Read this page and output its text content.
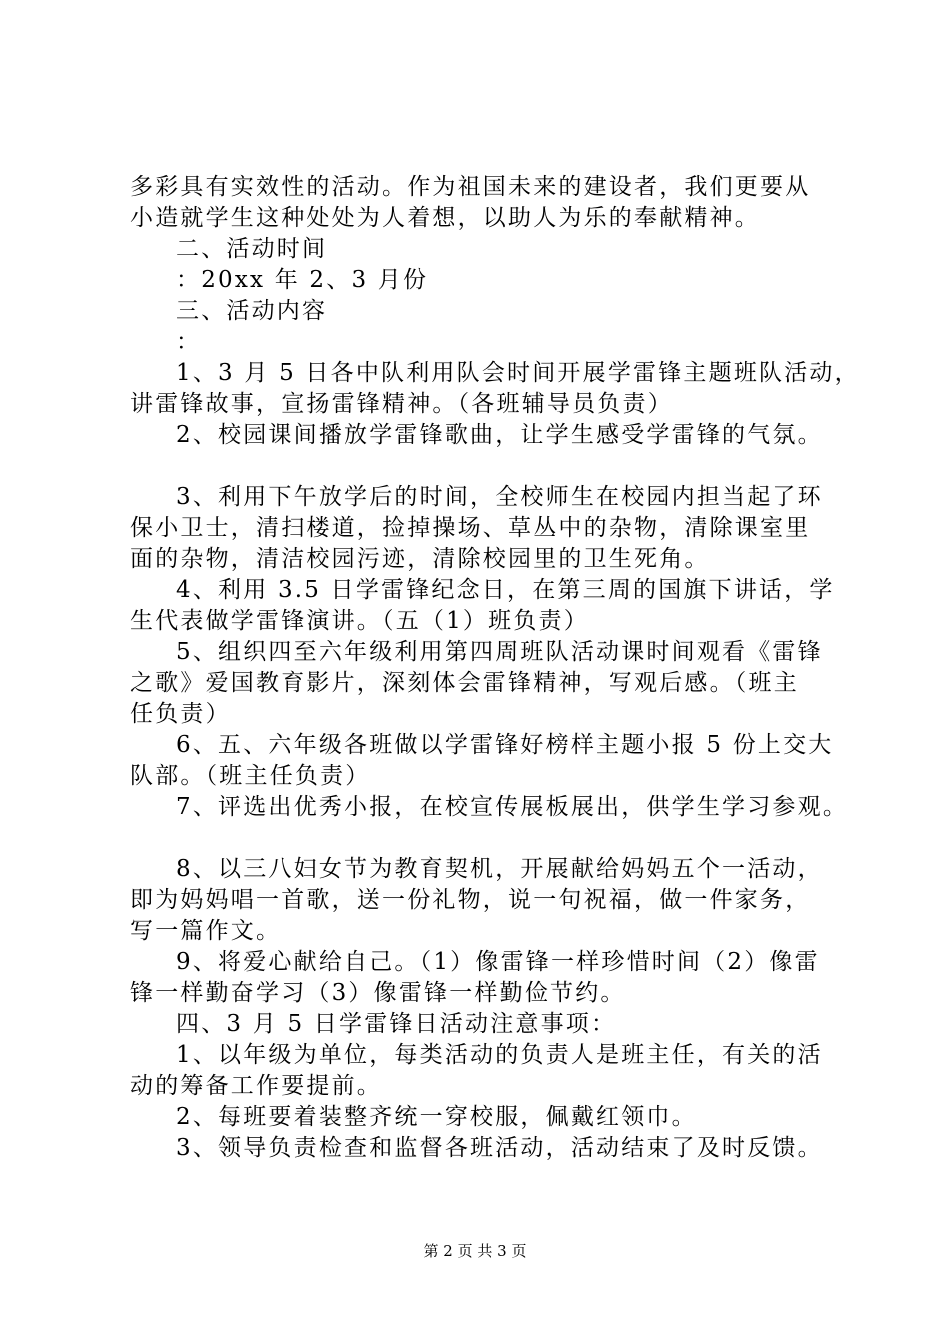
多彩具有实效性的活动。作为祖国未来的建设者，我们更要从
小造就学生这种处处为人着想，以助人为乐的奉献精神。
二、活动时间
：20xx 年 2、3 月份
三、活动内容
：
1、3 月 5 日各中队利用队会时间开展学雷锋主题班队活动，
讲雷锋故事，宣扬雷锋精神。（各班辅导员负责）
2、校园课间播放学雷锋歌曲，让学生感受学雷锋的气氛。
3、利用下午放学后的时间，全校师生在校园内担当起了环
保小卫士，清扫楼道，捡掉操场、草丛中的杂物，清除课室里
面的杂物，清洁校园污迹，清除校园里的卫生死角。
4、利用 3.5 日学雷锋纪念日，在第三周的国旗下讲话，学
生代表做学雷锋演讲。（五（1）班负责）
5、组织四至六年级利用第四周班队活动课时间观看《雷锋
之歌》爱国教育影片，深刻体会雷锋精神，写观后感。（班主
任负责）
6、五、六年级各班做以学雷锋好榜样主题小报 5 份上交大
队部。（班主任负责）
7、评选出优秀小报，在校宣传展板展出，供学生学习参观。
8、以三八妇女节为教育契机，开展献给妈妈五个一活动，
即为妈妈唱一首歌，送一份礼物，说一句祝福，做一件家务，
写一篇作文。
9、将爱心献给自己。（1）像雷锋一样珍惜时间（2）像雷
锋一样勤奋学习（3）像雷锋一样勤俭节约。
四、3 月 5 日学雷锋日活动注意事项：
1、以年级为单位，每类活动的负责人是班主任，有关的活
动的筹备工作要提前。
2、每班要着装整齐统一穿校服，佩戴红领巾。
3、领导负责检查和监督各班活动，活动结束了及时反馈。
第 2 页 共 3 页
